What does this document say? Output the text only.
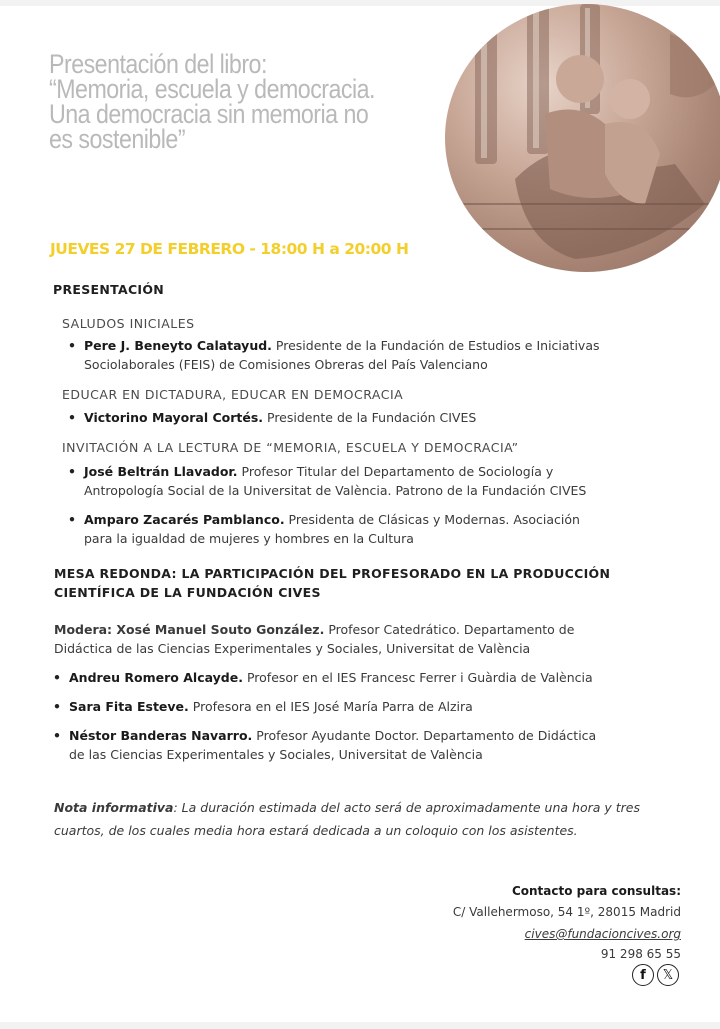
Presentación del libro:
“Memoria, escuela y democracia.
Una democracia sin memoria no
es sostenible”
JUEVES 27 DE FEBRERO - 18:00 H a 20:00 H
PRESENTACIÓN
SALUDOS INICIALES
• Pere J. Beneyto Calatayud. Presidente de la Fundación de Estudios e Iniciativas
Sociolaborales (FEIS) de Comisiones Obreras del País Valenciano
EDUCAR EN DICTADURA, EDUCAR EN DEMOCRACIA
• Victorino Mayoral Cortés. Presidente de la Fundación CIVES
INVITACIÓN A LA LECTURA DE “MEMORIA, ESCUELA Y DEMOCRACIA”
• José Beltrán Llavador. Profesor Titular del Departamento de Sociología y
Antropología Social de la Universitat de València. Patrono de la Fundación CIVES
• Amparo Zacarés Pamblanco. Presidenta de Clásicas y Modernas. Asociación
para la igualdad de mujeres y hombres en la Cultura
MESA REDONDA: LA PARTICIPACIÓN DEL PROFESORADO EN LA PRODUCCIÓN
CIENTÍFICA DE LA FUNDACIÓN CIVES
Modera: Xosé Manuel Souto González. Profesor Catedrático. Departamento de
Didáctica de las Ciencias Experimentales y Sociales, Universitat de València
• Andreu Romero Alcayde. Profesor en el IES Francesc Ferrer i Guàrdia de València
• Sara Fita Esteve. Profesora en el IES José María Parra de Alzira
• Néstor Banderas Navarro. Profesor Ayudante Doctor. Departamento de Didáctica
de las Ciencias Experimentales y Sociales, Universitat de València
Nota informativa: La duración estimada del acto será de aproximadamente una hora y tres cuartos, de los cuales media hora estará dedicada a un coloquio con los asistentes.
Contacto para consultas:
C/ Vallehermoso, 54 1º, 28015 Madrid
cives@fundacioncives.org
91 298 65 55
f	𝕏
